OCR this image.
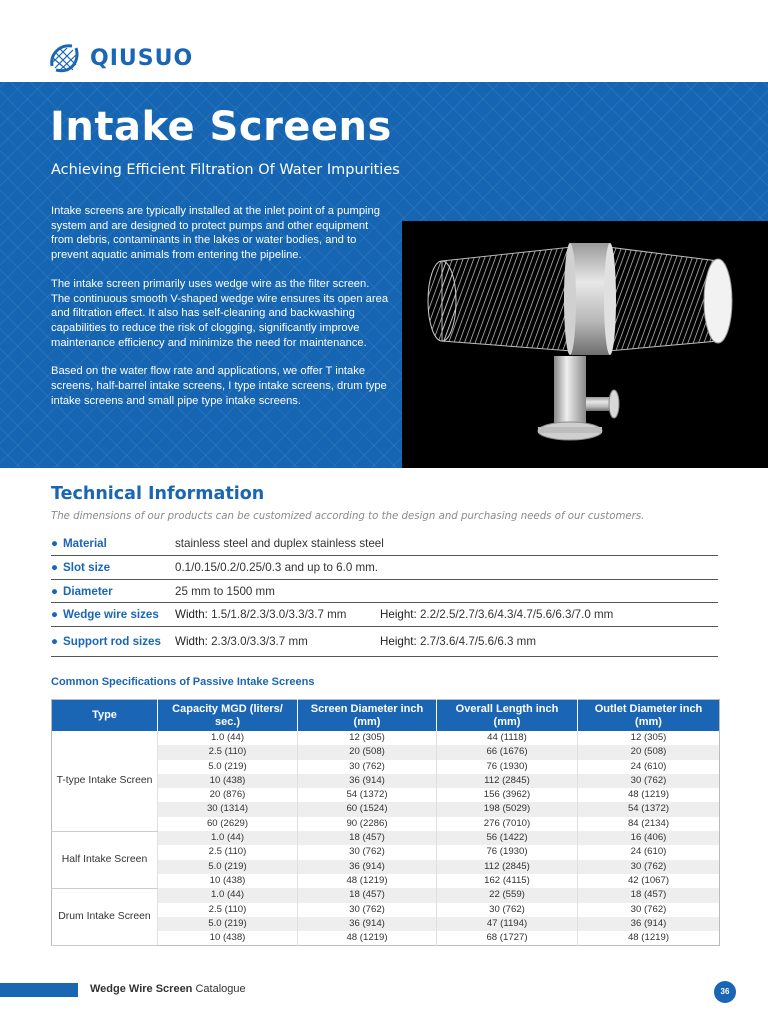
QIUSUO
Intake Screens
Achieving Efficient Filtration Of Water Impurities

Intake screens are typically installed at the inlet point of a pumping system and are designed to protect pumps and other equipment from debris, contaminants in the lakes or water bodies, and to prevent aquatic animals from entering the pipeline.

The intake screen primarily uses wedge wire as the filter screen. The continuous smooth V-shaped wedge wire ensures its open area and filtration effect. It also has self-cleaning and backwashing capabilities to reduce the risk of clogging, significantly improve maintenance efficiency and minimize the need for maintenance.

Based on the water flow rate and applications, we offer T intake screens, half-barrel intake screens, I type intake screens, drum type intake screens and small pipe type intake screens.

Technical Information
The dimensions of our products can be customized according to the design and purchasing needs of our customers.
● Material	stainless steel and duplex stainless steel
● Slot size	0.1/0.15/0.2/0.25/0.3 and up to 6.0 mm.
● Diameter	25 mm to 1500 mm
● Wedge wire sizes	Width: 1.5/1.8/2.3/3.0/3.3/3.7 mm	Height: 2.2/2.5/2.7/3.6/4.3/4.7/5.6/6.3/7.0 mm
● Support rod sizes	Width: 2.3/3.0/3.3/3.7 mm	Height: 2.7/3.6/4.7/5.6/6.3 mm
Common Specifications of Passive Intake Screens
Type	Capacity MGD (liters/ sec.)	Screen Diameter inch (mm)	Overall Length inch (mm)	Outlet Diameter inch (mm)
T-type Intake Screen	1.0 (44)	12 (305)	44 (1118)	12 (305)
	2.5 (110)	20 (508)	66 (1676)	20 (508)
	5.0 (219)	30 (762)	76 (1930)	24 (610)
	10 (438)	36 (914)	112 (2845)	30 (762)
	20 (876)	54 (1372)	156 (3962)	48 (1219)
	30 (1314)	60 (1524)	198 (5029)	54 (1372)
	60 (2629)	90 (2286)	276 (7010)	84 (2134)
Half Intake Screen	1.0 (44)	18 (457)	56 (1422)	16 (406)
	2.5 (110)	30 (762)	76 (1930)	24 (610)
	5.0 (219)	36 (914)	112 (2845)	30 (762)
	10 (438)	48 (1219)	162 (4115)	42 (1067)
Drum Intake Screen	1.0 (44)	18 (457)	22 (559)	18 (457)
	2.5 (110)	30 (762)	30 (762)	30 (762)
	5.0 (219)	36 (914)	47 (1194)	36 (914)
	10 (438)	48 (1219)	68 (1727)	48 (1219)
Wedge Wire Screen Catalogue	36
